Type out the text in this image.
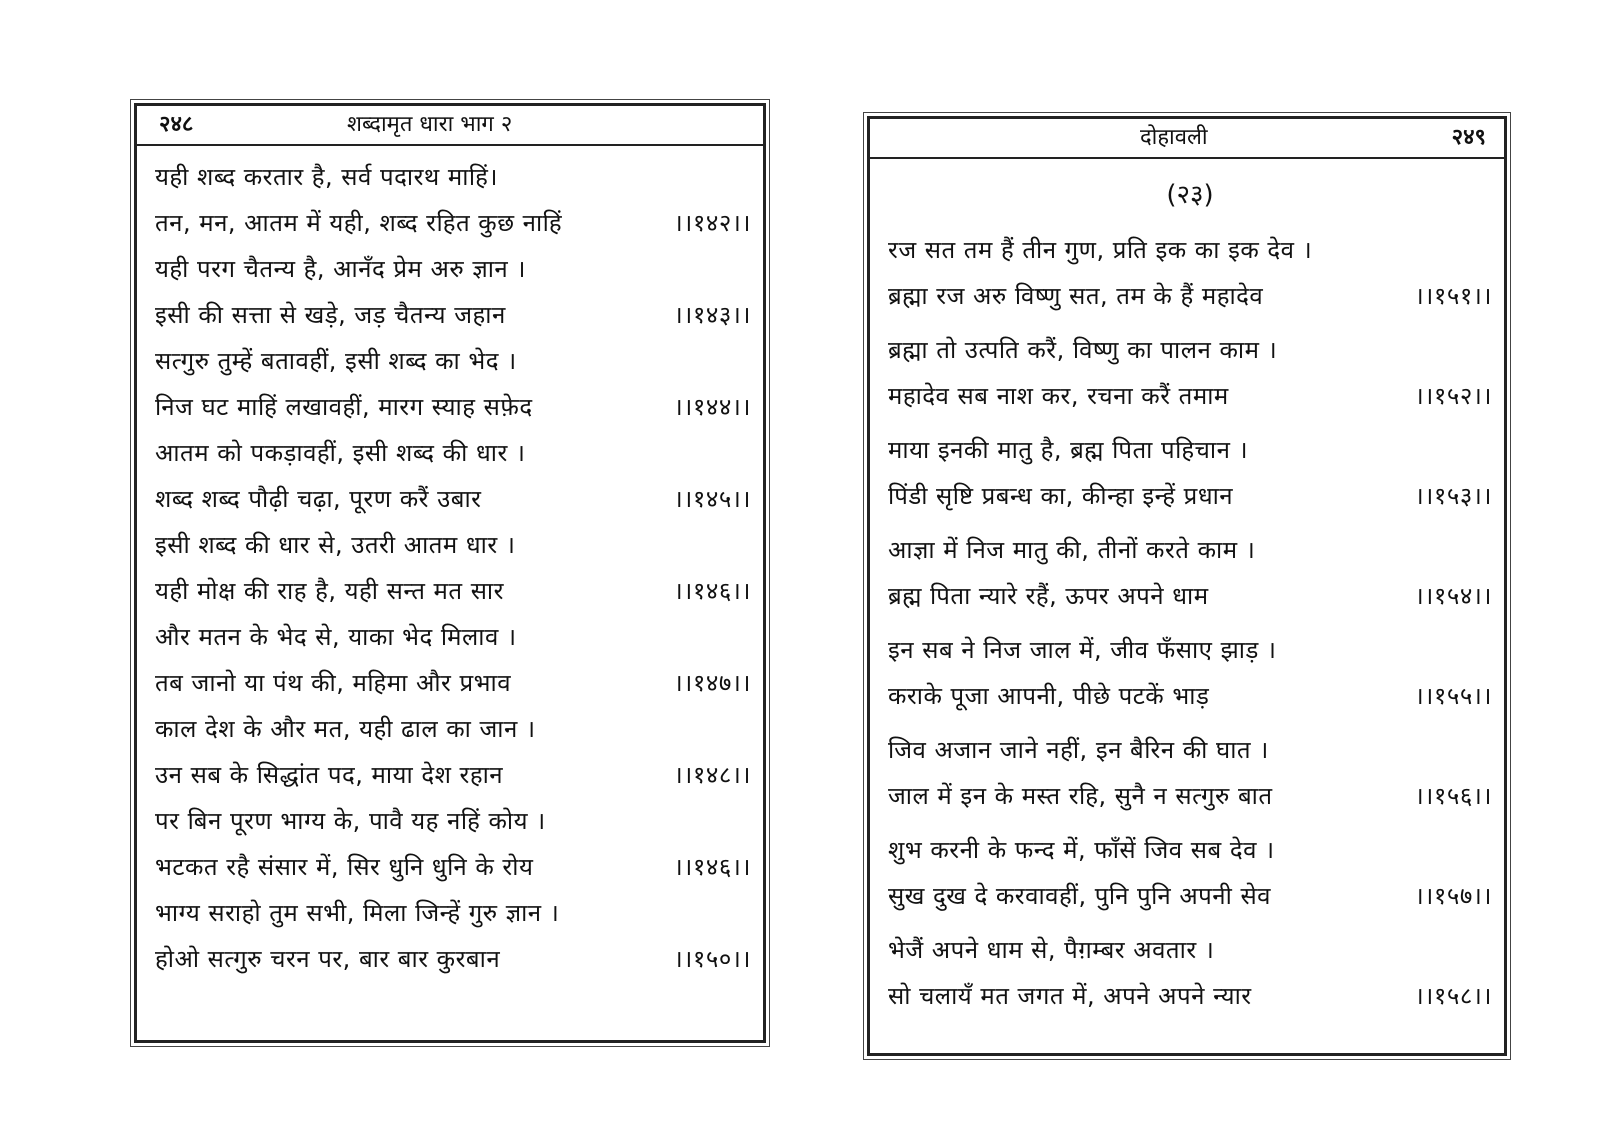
२४८	शब्दामृत धारा भाग २
यही शब्द करतार है, सर्व पदारथ माहिं।
तन, मन, आतम में यही, शब्द रहित कुछ नाहिं	।।१४२।।
यही परग चैतन्य है, आनँद प्रेम अरु ज्ञान ।
इसी की सत्ता से खड़े, जड़ चैतन्य जहान	।।१४३।।
सत्गुरु तुम्हें बतावहीं, इसी शब्द का भेद ।
निज घट माहिं लखावहीं, मारग स्याह सफ़ेद	।।१४४।।
आतम को पकड़ावहीं, इसी शब्द की धार ।
शब्द शब्द पौढ़ी चढ़ा, पूरण करैं उबार	।।१४५।।
इसी शब्द की धार से, उतरी आतम धार ।
यही मोक्ष की राह है, यही सन्त मत सार	।।१४६।।
और मतन के भेद से, याका भेद मिलाव ।
तब जानो या पंथ की, महिमा और प्रभाव	।।१४७।।
काल देश के और मत, यही ढाल का जान ।
उन सब के सिद्धांत पद, माया देश रहान	।।१४८।।
पर बिन पूरण भाग्य के, पावै यह नहिं कोय ।
भटकत रहै संसार में, सिर धुनि धुनि के रोय	।।१४६।।
भाग्य सराहो तुम सभी, मिला जिन्हें गुरु ज्ञान ।
होओ सत्गुरु चरन पर, बार बार कुरबान	।।१५०।।
दोहावली	२४९
(२३)
रज सत तम हैं तीन गुण, प्रति इक का इक देव ।
ब्रह्मा रज अरु विष्णु सत, तम के हैं महादेव	।।१५१।।
ब्रह्मा तो उत्पति करैं, विष्णु का पालन काम ।
महादेव सब नाश कर, रचना करैं तमाम	।।१५२।।
माया इनकी मातु है, ब्रह्म पिता पहिचान ।
पिंडी सृष्टि प्रबन्ध का, कीन्हा इन्हें प्रधान	।।१५३।।
आज्ञा में निज मातु की, तीनों करते काम ।
ब्रह्म पिता न्यारे रहैं, ऊपर अपने धाम	।।१५४।।
इन सब ने निज जाल में, जीव फँसाए झाड़ ।
कराके पूजा आपनी, पीछे पटकें भाड़	।।१५५।।
जिव अजान जाने नहीं, इन बैरिन की घात ।
जाल में इन के मस्त रहि, सुनै न सत्गुरु बात	।।१५६।।
शुभ करनी के फन्द में, फाँसें जिव सब देव ।
सुख दुख दे करवावहीं, पुनि पुनि अपनी सेव	।।१५७।।
भेजैं अपने धाम से, पैग़म्बर अवतार ।
सो चलायँ मत जगत में, अपने अपने न्यार	।।१५८।।
